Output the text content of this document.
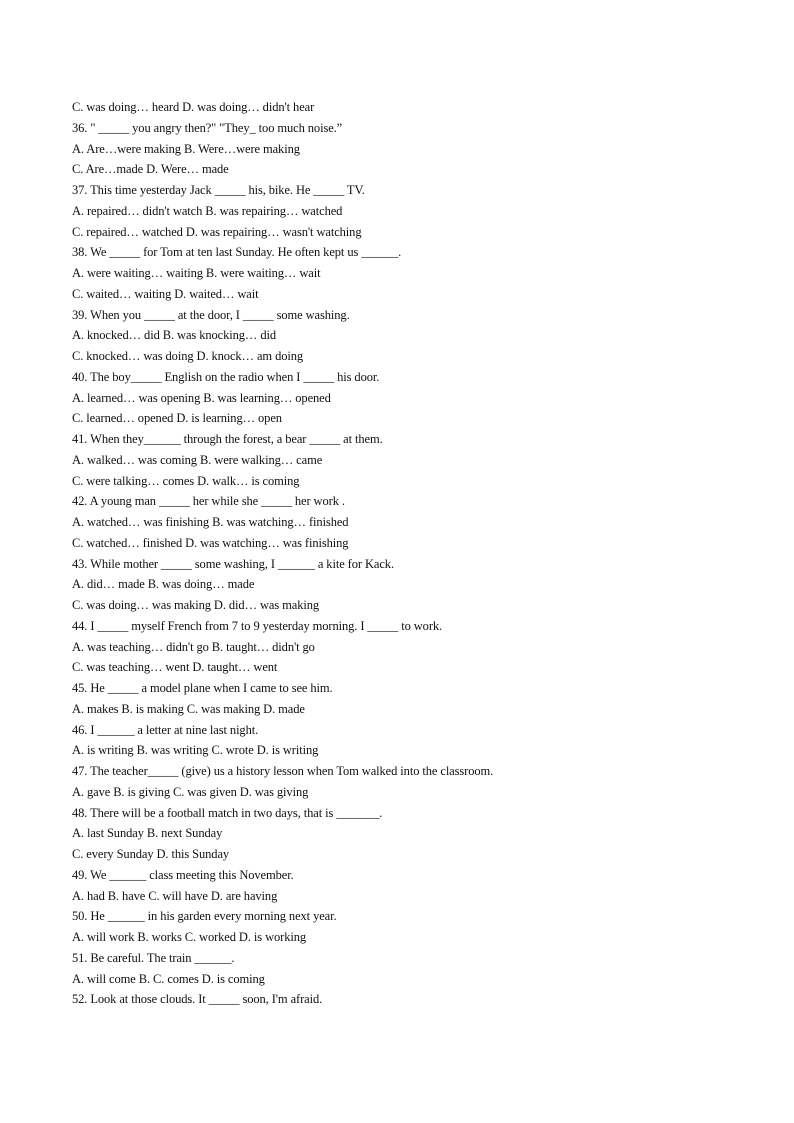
C. was doing… heard D. was doing… didn't hear
36. " _____ you angry then?" "They_ too much noise.”
A. Are…were making B. Were…were making
C. Are…made D. Were… made
37. This time yesterday Jack _____ his, bike. He _____ TV.
A. repaired… didn't watch B. was repairing… watched
C. repaired… watched D. was repairing… wasn't watching
38. We _____ for Tom at ten last Sunday. He often kept us ______.
A. were waiting… waiting B. were waiting… wait
C. waited… waiting D. waited… wait
39. When you _____ at the door, I _____ some washing.
A. knocked… did B. was knocking… did
C. knocked… was doing D. knock… am doing
40. The boy_____ English on the radio when I _____ his door.
A. learned… was opening B. was learning… opened
C. learned… opened D. is learning… open
41. When they______ through the forest, a bear _____ at them.
A. walked… was coming B. were walking… came
C. were talking… comes D. walk… is coming
42. A young man _____ her while she _____ her work .
A. watched… was finishing B. was watching… finished
C. watched… finished D. was watching… was finishing
43. While mother _____ some washing, I ______ a kite for Kack.
A. did… made B. was doing… made
C. was doing… was making D. did… was making
44. I _____ myself French from 7 to 9 yesterday morning. I _____ to work.
A. was teaching… didn't go B. taught… didn't go
C. was teaching… went D. taught… went
45. He _____ a model plane when I came to see him.
A. makes B. is making C. was making D. made
46. I ______ a letter at nine last night.
A. is writing B. was writing C. wrote D. is writing
47. The teacher_____ (give) us a history lesson when Tom walked into the classroom.
A. gave B. is giving C. was given D. was giving
48. There will be a football match in two days, that is _______.
A. last Sunday B. next Sunday
C. every Sunday D. this Sunday
49. We ______ class meeting this November.
A. had B. have C. will have D. are having
50. He ______ in his garden every morning next year.
A. will work B. works C. worked D. is working
51. Be careful. The train ______.
A. will come B. C. comes D. is coming
52. Look at those clouds. It _____ soon, I'm afraid.
